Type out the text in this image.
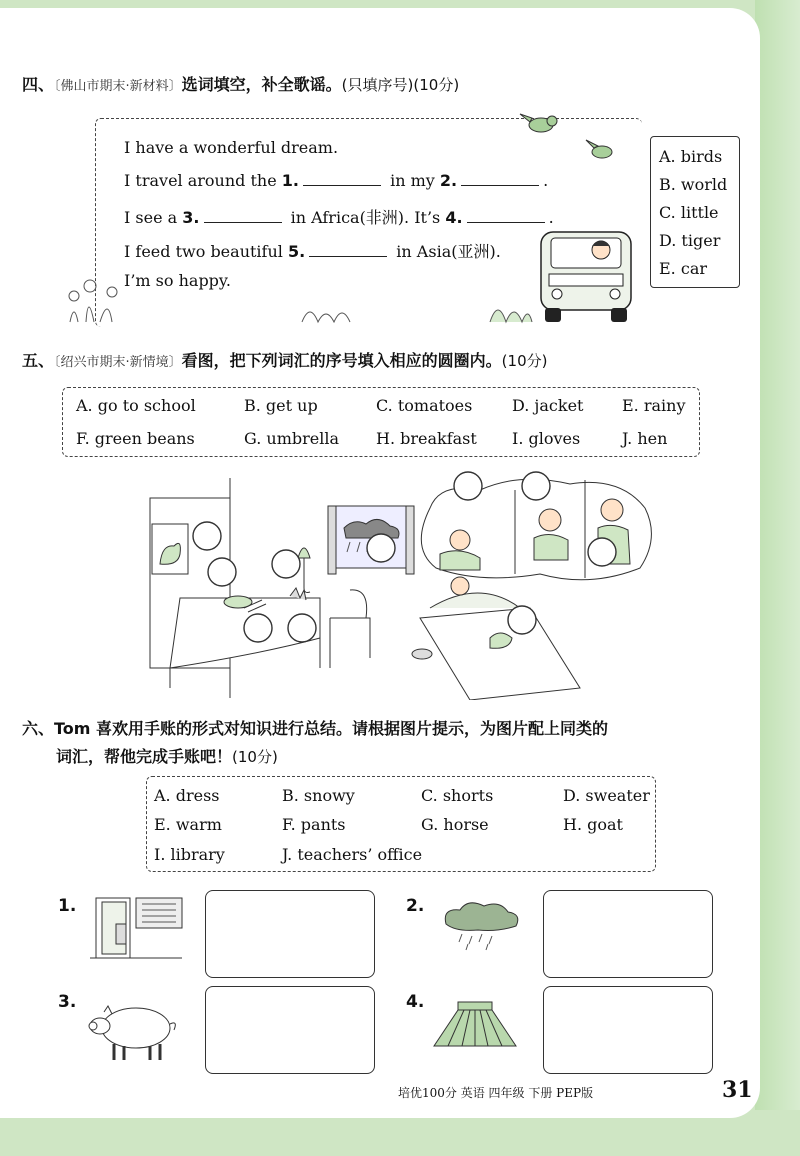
四、〔佛山市期末·新材料〕选词填空，补全歌谣。(只填序号)(10分)
I have a wonderful dream.
I travel around the 1.	in my 2.	.
I see a 3.	in Africa(非洲). It’s 4.	.
I feed two beautiful 5.	in Asia(亚洲).
I’m so happy.
A. birds
B. world
C. little
D. tiger
E. car
五、〔绍兴市期末·新情境〕看图，把下列词汇的序号填入相应的圆圈内。(10分)
A. go to school	B. get up	C. tomatoes D. jacket E. rainy
F. green beans	G. umbrella H. breakfast I. gloves	J. hen
六、Tom 喜欢用手账的形式对知识进行总结。请根据图片提示，为图片配上同类的
词汇，帮他完成手账吧！(10分)
A. dress	B. snowy	C. shorts	D. sweater
E. warm	F. pants	G. horse	H. goat
I. library	J. teachers’ office
1.	2.
3.	4.
培优100分 英语 四年级 下册 PEP版	31
